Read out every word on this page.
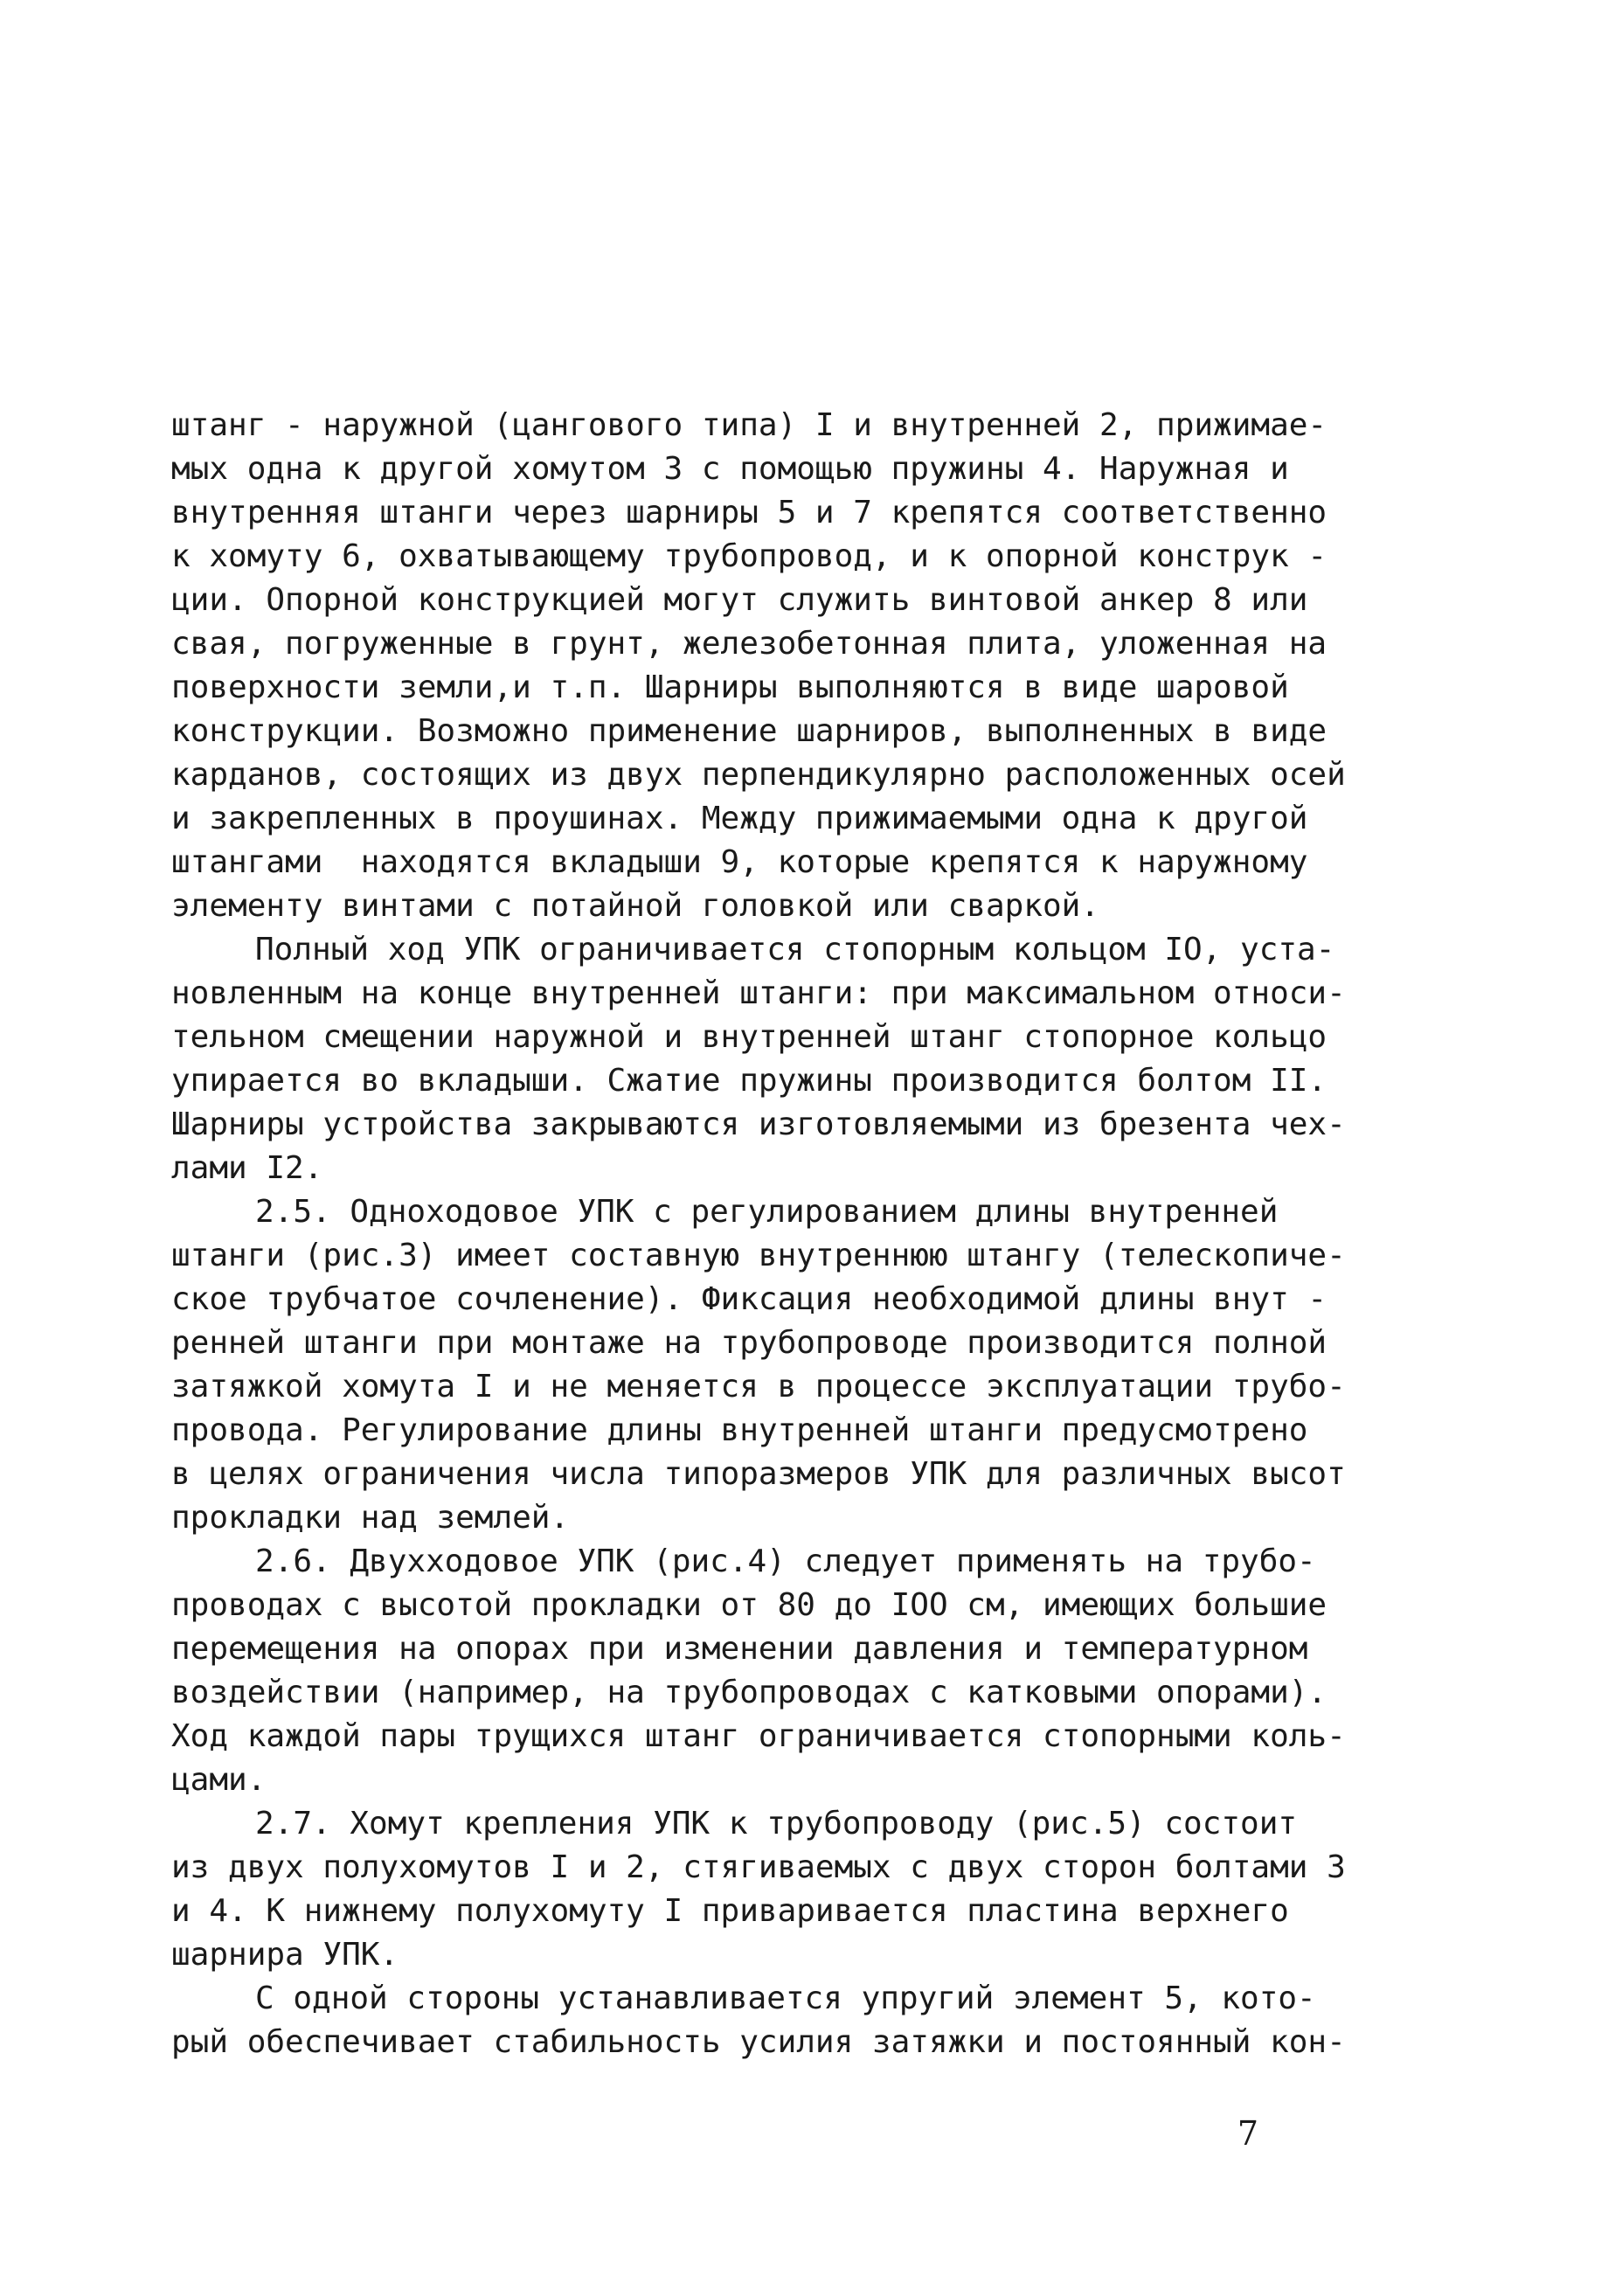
штанг - наружной (цангового типа) I и внутренней 2, прижимае-
мых одна к другой хомутом 3 с помощью пружины 4. Наружная и
внутренняя штанги через шарниры 5 и 7 крепятся соответственно
к хомуту 6, охватывающему трубопровод, и к опорной конструк -
ции. Опорной конструкцией могут служить винтовой анкер 8 или
свая, погруженные в грунт, железобетонная плита, уложенная на
поверхности земли,и т.п. Шарниры выполняются в виде шаровой
конструкции. Возможно применение шарниров, выполненных в виде
карданов, состоящих из двух перпендикулярно расположенных осей
и закрепленных в проушинах. Между прижимаемыми одна к другой
штангами  находятся вкладыши 9, которые крепятся к наружному
элементу винтами с потайной головкой или сваркой.
Полный ход УПК ограничивается стопорным кольцом IO, уста-
новленным на конце внутренней штанги: при максимальном относи-
тельном смещении наружной и внутренней штанг стопорное кольцо
упирается во вкладыши. Сжатие пружины производится болтом II.
Шарниры устройства закрываются изготовляемыми из брезента чех-
лами I2.
2.5. Одноходовое УПК с регулированием длины внутренней
штанги (рис.3) имеет составную внутреннюю штангу (телескопиче-
ское трубчатое сочленение). Фиксация необходимой длины внут -
ренней штанги при монтаже на трубопроводе производится полной
затяжкой хомута I и не меняется в процессе эксплуатации трубо-
провода. Регулирование длины внутренней штанги предусмотрено
в целях ограничения числа типоразмеров УПК для различных высот
прокладки над землей.
2.6. Двухходовое УПК (рис.4) следует применять на трубо-
проводах с высотой прокладки от 80 до IOO см, имеющих большие
перемещения на опорах при изменении давления и температурном
воздействии (например, на трубопроводах с катковыми опорами).
Ход каждой пары трущихся штанг ограничивается стопорными коль-
цами.
2.7. Хомут крепления УПК к трубопроводу (рис.5) состоит
из двух полухомутов I и 2, стягиваемых с двух сторон болтами 3
и 4. К нижнему полухомуту I приваривается пластина верхнего
шарнира УПК.
С одной стороны устанавливается упругий элемент 5, кото-
рый обеспечивает стабильность усилия затяжки и постоянный кон-
7
